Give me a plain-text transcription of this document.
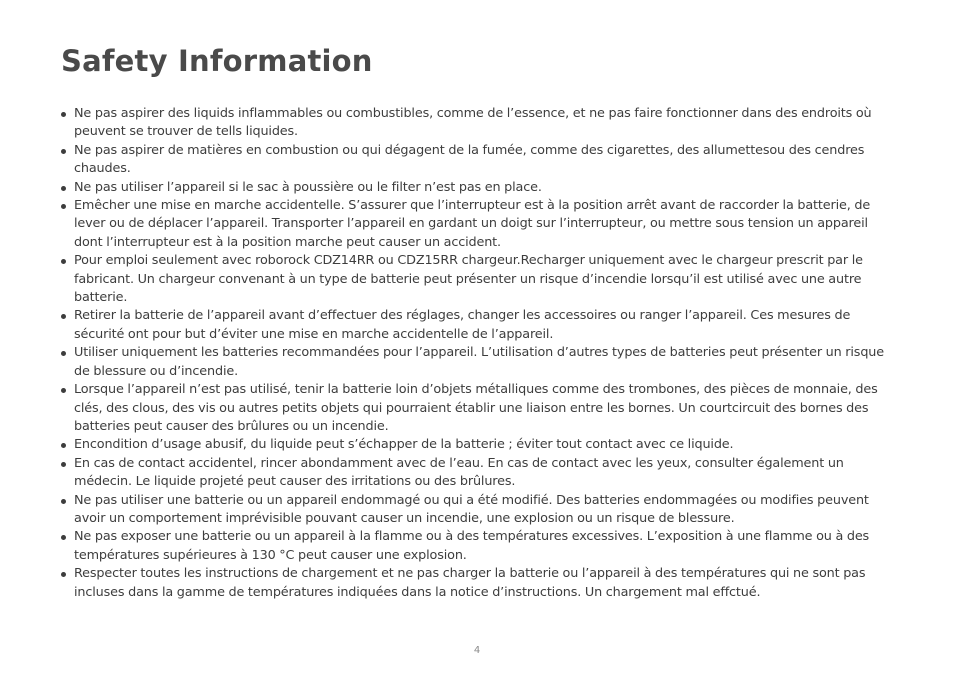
Safety Information
Ne pas aspirer des liquids inflammables ou combustibles, comme de l’essence, et ne pas faire fonctionner dans des endroits où peuvent se trouver de tells liquides.
Ne pas aspirer de matières en combustion ou qui dégagent de la fumée, comme des cigarettes, des allumettesou des cendres chaudes.
Ne pas utiliser l’appareil si le sac à poussière ou le filter n’est pas en place.
Emêcher une mise en marche accidentelle. S’assurer que l’interrupteur est à la position arrêt avant de raccorder la batterie, de lever ou de déplacer l’appareil. Transporter l’appareil en gardant un doigt sur l’interrupteur, ou mettre sous tension un appareil dont l’interrupteur est à la position marche peut causer un accident.
Pour emploi seulement avec roborock CDZ14RR ou CDZ15RR chargeur.Recharger uniquement avec le chargeur prescrit par le fabricant. Un chargeur convenant à un type de batterie peut présenter un risque d’incendie lorsqu’il est utilisé avec une autre batterie.
Retirer la batterie de l’appareil avant d’effectuer des réglages, changer les accessoires ou ranger l’appareil. Ces mesures de sécurité ont pour but d’éviter une mise en marche accidentelle de l’appareil.
Utiliser uniquement les batteries recommandées pour l’appareil. L’utilisation d’autres types de batteries peut présenter un risque de blessure ou d’incendie.
Lorsque l’appareil n’est pas utilisé, tenir la batterie loin d’objets métalliques comme des trombones, des pièces de monnaie, des clés, des clous, des vis ou autres petits objets qui pourraient établir une liaison entre les bornes. Un courtcircuit des bornes des batteries peut causer des brûlures ou un incendie.
Encondition d’usage abusif, du liquide peut s’échapper de la batterie ; éviter tout contact avec ce liquide.
En cas de contact accidentel, rincer abondamment avec de l’eau. En cas de contact avec les yeux, consulter également un médecin. Le liquide projeté peut causer des irritations ou des brûlures.
Ne pas utiliser une batterie ou un appareil endommagé ou qui a été modifié. Des batteries endommagées ou modifies peuvent avoir un comportement imprévisible pouvant causer un incendie, une explosion ou un risque de blessure.
Ne pas exposer une batterie ou un appareil à la flamme ou à des températures excessives. L’exposition à une flamme ou à des températures supérieures à 130 °C peut causer une explosion.
Respecter toutes les instructions de chargement et ne pas charger la batterie ou l’appareil à des températures qui ne sont pas incluses dans la gamme de températures indiquées dans la notice d’instructions. Un chargement mal effctué.
4
